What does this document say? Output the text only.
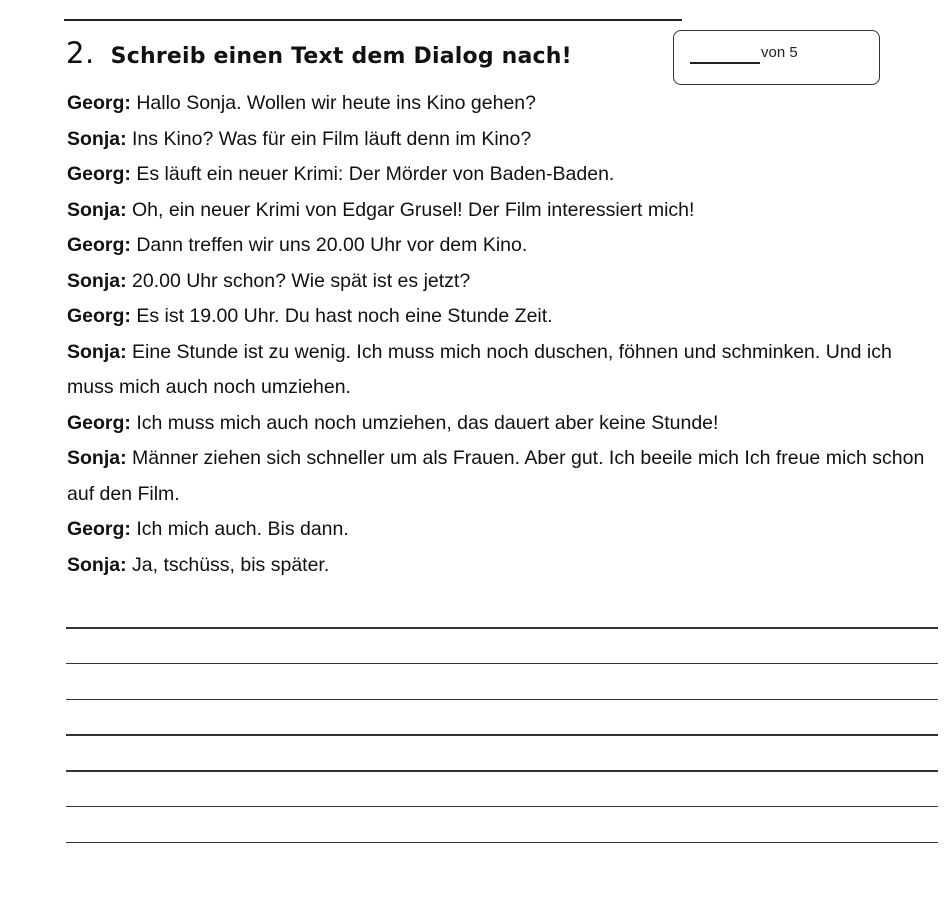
2. Schreib einen Text dem Dialog nach!	von 5
Georg: Hallo Sonja. Wollen wir heute ins Kino gehen?
Sonja: Ins Kino? Was für ein Film läuft denn im Kino?
Georg: Es läuft ein neuer Krimi: Der Mörder von Baden-Baden.
Sonja: Oh, ein neuer Krimi von Edgar Grusel! Der Film interessiert mich!
Georg: Dann treffen wir uns 20.00 Uhr vor dem Kino.
Sonja: 20.00 Uhr schon? Wie spät ist es jetzt?
Georg: Es ist 19.00 Uhr. Du hast noch eine Stunde Zeit.
Sonja: Eine Stunde ist zu wenig. Ich muss mich noch duschen, föhnen und schminken. Und ich muss mich auch noch umziehen.
Georg: Ich muss mich auch noch umziehen, das dauert aber keine Stunde!
Sonja: Männer ziehen sich schneller um als Frauen. Aber gut. Ich beeile mich Ich freue mich schon auf den Film.
Georg: Ich mich auch. Bis dann.
Sonja: Ja, tschüss, bis später.
